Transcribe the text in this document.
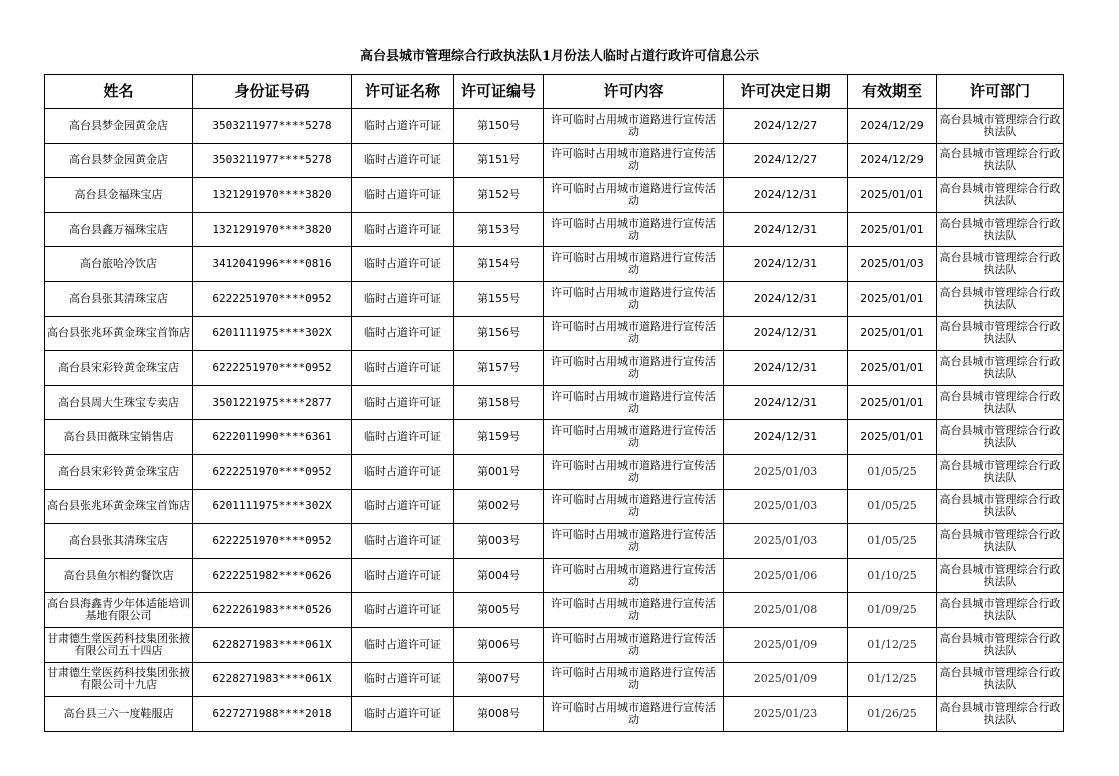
高台县城市管理综合行政执法队1月份法人临时占道行政许可信息公示
姓名	身份证号码	许可证名称	许可证编号	许可内容	许可决定日期	有效期至	许可部门
高台县梦金园黄金店	3503211977****5278	临时占道许可证	第150号	许可临时占用城市道路进行宣传活动	2024/12/27	2024/12/29	高台县城市管理综合行政执法队
高台县梦金园黄金店	3503211977****5278	临时占道许可证	第151号	许可临时占用城市道路进行宣传活动	2024/12/27	2024/12/29	高台县城市管理综合行政执法队
高台县金福珠宝店	1321291970****3820	临时占道许可证	第152号	许可临时占用城市道路进行宣传活动	2024/12/31	2025/01/01	高台县城市管理综合行政执法队
高台县鑫万福珠宝店	1321291970****3820	临时占道许可证	第153号	许可临时占用城市道路进行宣传活动	2024/12/31	2025/01/01	高台县城市管理综合行政执法队
高台旅哈冷饮店	3412041996****0816	临时占道许可证	第154号	许可临时占用城市道路进行宣传活动	2024/12/31	2025/01/03	高台县城市管理综合行政执法队
高台县张其清珠宝店	6222251970****0952	临时占道许可证	第155号	许可临时占用城市道路进行宣传活动	2024/12/31	2025/01/01	高台县城市管理综合行政执法队
高台县张兆环黄金珠宝首饰店	6201111975****302X	临时占道许可证	第156号	许可临时占用城市道路进行宣传活动	2024/12/31	2025/01/01	高台县城市管理综合行政执法队
高台县宋彩铃黄金珠宝店	6222251970****0952	临时占道许可证	第157号	许可临时占用城市道路进行宣传活动	2024/12/31	2025/01/01	高台县城市管理综合行政执法队
高台县周大生珠宝专卖店	3501221975****2877	临时占道许可证	第158号	许可临时占用城市道路进行宣传活动	2024/12/31	2025/01/01	高台县城市管理综合行政执法队
高台县田薇珠宝销售店	6222011990****6361	临时占道许可证	第159号	许可临时占用城市道路进行宣传活动	2024/12/31	2025/01/01	高台县城市管理综合行政执法队
高台县宋彩铃黄金珠宝店	6222251970****0952	临时占道许可证	第001号	许可临时占用城市道路进行宣传活动	2025/01/03	01/05/25	高台县城市管理综合行政执法队
高台县张兆环黄金珠宝首饰店	6201111975****302X	临时占道许可证	第002号	许可临时占用城市道路进行宣传活动	2025/01/03	01/05/25	高台县城市管理综合行政执法队
高台县张其清珠宝店	6222251970****0952	临时占道许可证	第003号	许可临时占用城市道路进行宣传活动	2025/01/03	01/05/25	高台县城市管理综合行政执法队
高台县鱼尔相约餐饮店	6222251982****0626	临时占道许可证	第004号	许可临时占用城市道路进行宣传活动	2025/01/06	01/10/25	高台县城市管理综合行政执法队
高台县海鑫青少年体适能培训基地有限公司	6222261983****0526	临时占道许可证	第005号	许可临时占用城市道路进行宣传活动	2025/01/08	01/09/25	高台县城市管理综合行政执法队
甘肃德生堂医药科技集团张掖有限公司五十四店	6228271983****061X	临时占道许可证	第006号	许可临时占用城市道路进行宣传活动	2025/01/09	01/12/25	高台县城市管理综合行政执法队
甘肃德生堂医药科技集团张掖有限公司十九店	6228271983****061X	临时占道许可证	第007号	许可临时占用城市道路进行宣传活动	2025/01/09	01/12/25	高台县城市管理综合行政执法队
高台县三六一度鞋服店	6227271988****2018	临时占道许可证	第008号	许可临时占用城市道路进行宣传活动	2025/01/23	01/26/25	高台县城市管理综合行政执法队
